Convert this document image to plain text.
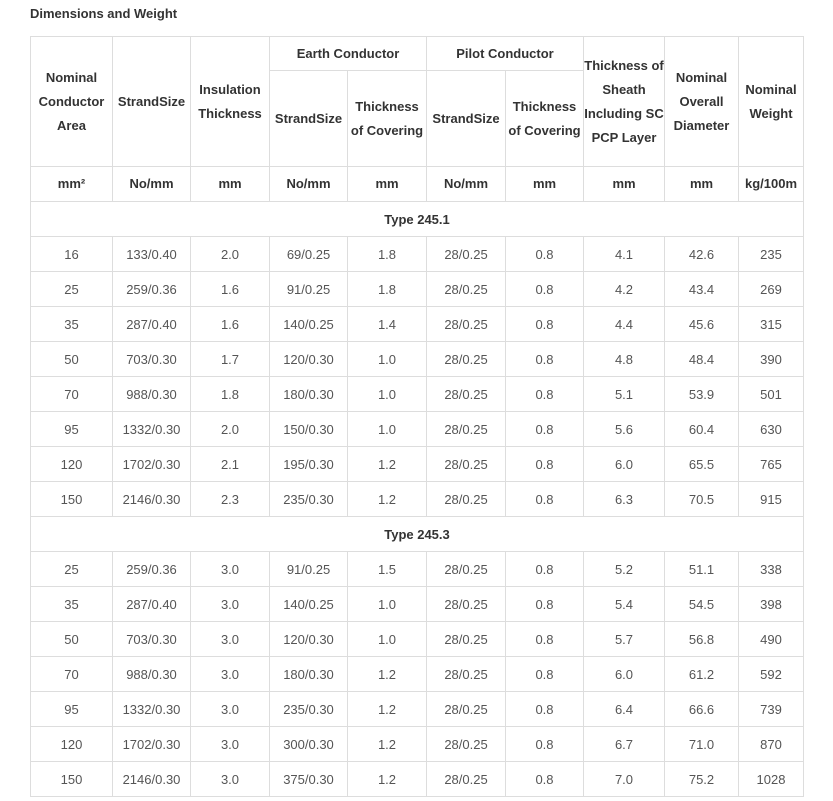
Dimensions and Weight
Nominal Conductor Area	StrandSize	Insulation Thickness	Earth Conductor		Pilot Conductor		Thickness of Sheath Including SC PCP Layer	Nominal Overall Diameter	Nominal Weight
			StrandSize	Thickness of Covering	StrandSize	Thickness of Covering			
mm²	No/mm	mm	No/mm	mm	No/mm	mm	mm	mm	kg/100m
Type 245.1									
16	133/0.40	2.0	69/0.25	1.8	28/0.25	0.8	4.1	42.6	235
25	259/0.36	1.6	91/0.25	1.8	28/0.25	0.8	4.2	43.4	269
35	287/0.40	1.6	140/0.25	1.4	28/0.25	0.8	4.4	45.6	315
50	703/0.30	1.7	120/0.30	1.0	28/0.25	0.8	4.8	48.4	390
70	988/0.30	1.8	180/0.30	1.0	28/0.25	0.8	5.1	53.9	501
95	1332/0.30	2.0	150/0.30	1.0	28/0.25	0.8	5.6	60.4	630
120	1702/0.30	2.1	195/0.30	1.2	28/0.25	0.8	6.0	65.5	765
150	2146/0.30	2.3	235/0.30	1.2	28/0.25	0.8	6.3	70.5	915
Type 245.3									
25	259/0.36	3.0	91/0.25	1.5	28/0.25	0.8	5.2	51.1	338
35	287/0.40	3.0	140/0.25	1.0	28/0.25	0.8	5.4	54.5	398
50	703/0.30	3.0	120/0.30	1.0	28/0.25	0.8	5.7	56.8	490
70	988/0.30	3.0	180/0.30	1.2	28/0.25	0.8	6.0	61.2	592
95	1332/0.30	3.0	235/0.30	1.2	28/0.25	0.8	6.4	66.6	739
120	1702/0.30	3.0	300/0.30	1.2	28/0.25	0.8	6.7	71.0	870
150	2146/0.30	3.0	375/0.30	1.2	28/0.25	0.8	7.0	75.2	1028
